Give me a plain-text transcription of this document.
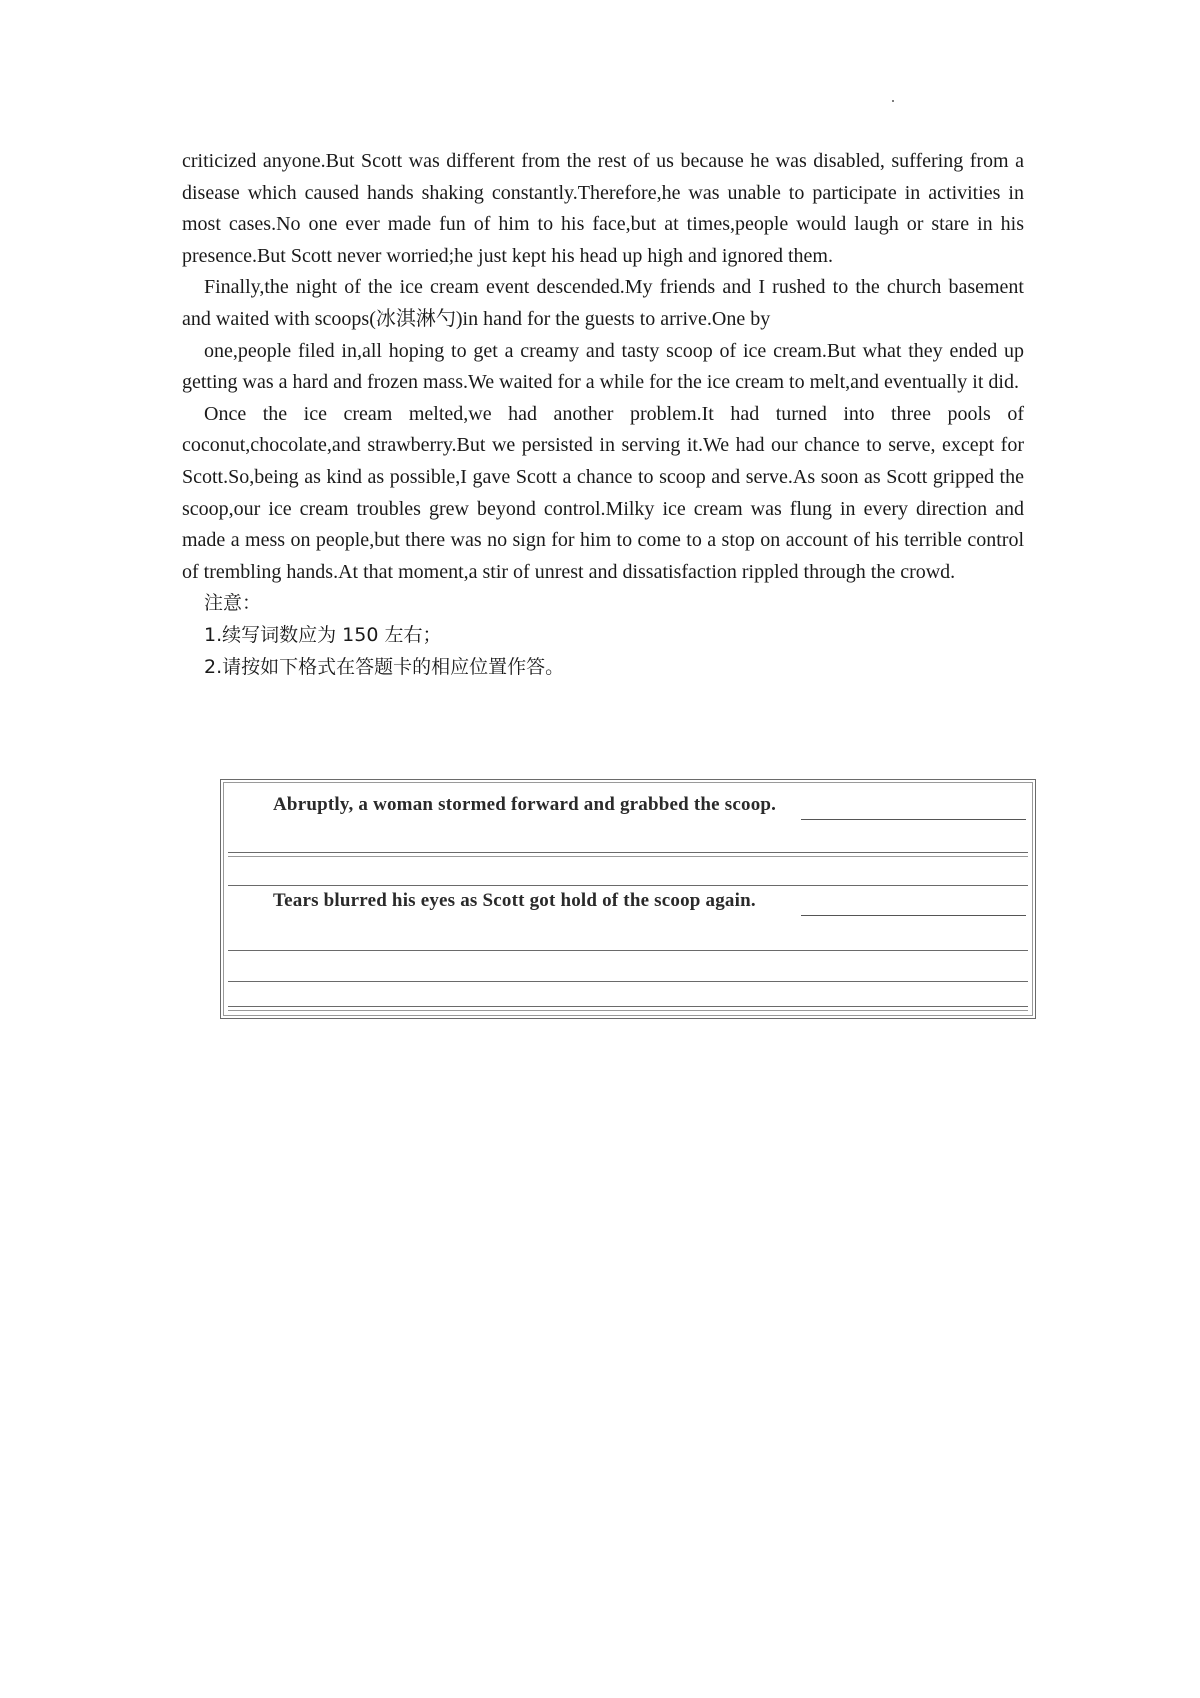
criticized anyone.But Scott was different from the rest of us because he was disabled, suffering from a disease which caused hands shaking constantly.Therefore,he was unable to participate in activities in most cases.No one ever made fun of him to his face,but at times,people would laugh or stare in his presence.But Scott never worried;he just kept his head up high and ignored them.

Finally,the night of the ice cream event descended.My friends and I rushed to the church basement and waited with scoops(冰淇淋勺)in hand for the guests to arrive.One by

one,people filed in,all hoping to get a creamy and tasty scoop of ice cream.But what they ended up getting was a hard and frozen mass.We waited for a while for the ice cream to melt,and eventually it did.

Once the ice cream melted,we had another problem.It had turned into three pools of coconut,chocolate,and strawberry.But we persisted in serving it.We had our chance to serve, except for Scott.So,being as kind as possible,I gave Scott a chance to scoop and serve.As soon as Scott gripped the scoop,our ice cream troubles grew beyond control.Milky ice cream was flung in every direction and made a mess on people,but there was no sign for him to come to a stop on account of his terrible control of trembling hands.At that moment,a stir of unrest and dissatisfaction rippled through the crowd.

注意：
1.续写词数应为 150 左右；
2.请按如下格式在答题卡的相应位置作答。
Abruptly, a woman stormed forward and grabbed the scoop.
Tears blurred his eyes as Scott got hold of the scoop again.
